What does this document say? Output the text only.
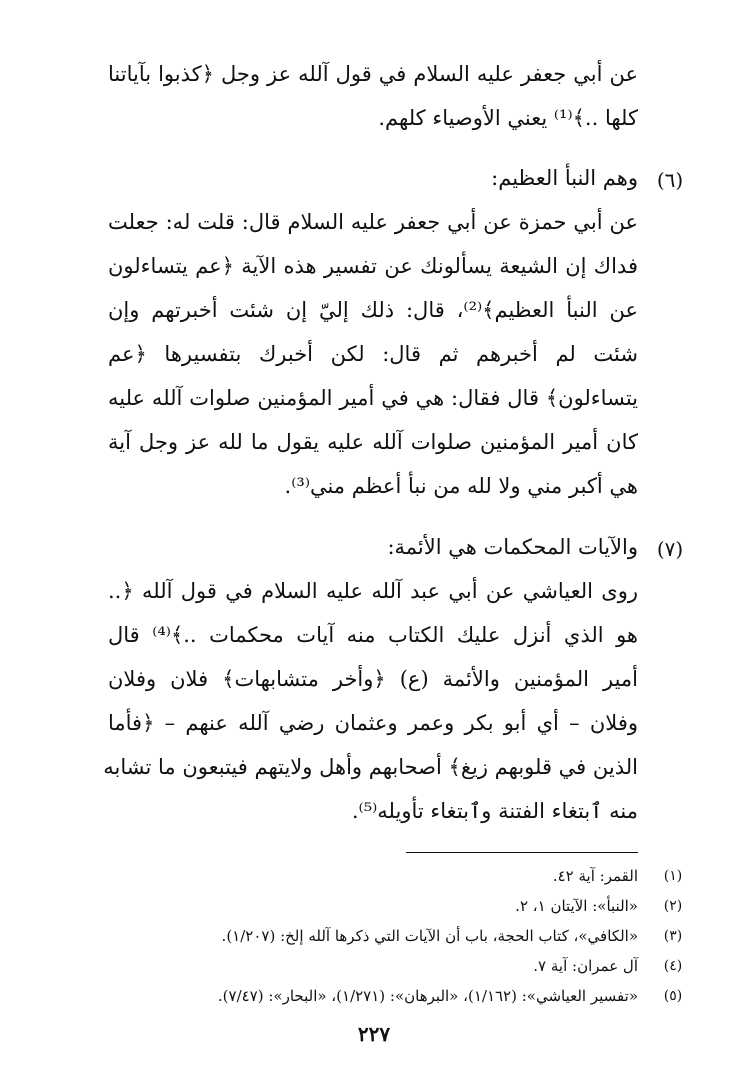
عن أبي جعفر عليه السلام في قول آلله عز وجل ﴿كذبوا بآياتنا
كلها ..﴾⁽¹⁾ يعني الأوصياء كلهم.
(٦)
وهم النبأ العظيم:
عن أبي حمزة عن أبي جعفر عليه السلام قال: قلت له: جعلت
فداك إن الشيعة يسألونك عن تفسير هذه الآية ﴿عم يتساءلون
عن النبأ العظيم﴾⁽²⁾، قال: ذلك إليّ إن شئت أخبرتهم وإن
شئت لم أخبرهم ثم قال: لكن أخبرك بتفسيرها ﴿عم
يتساءلون﴾ قال فقال: هي في أمير المؤمنين صلوات آلله عليه
كان أمير المؤمنين صلوات آلله عليه يقول ما لله عز وجل آية
هي أكبر مني ولا لله من نبأ أعظم مني⁽³⁾.
(٧)
والآيات المحكمات هي الأئمة:
روى العياشي عن أبي عبد آلله عليه السلام في قول آلله ﴿..
هو الذي أنزل عليك الكتاب منه آيات محكمات ..﴾⁽⁴⁾ قال
أمير المؤمنين والأئمة (ع) ﴿وأخر متشابهات﴾ فلان وفلان
وفلان – أي أبو بكر وعمر وعثمان رضي آلله عنهم – ﴿فأما
الذين في قلوبهم زيغ﴾ أصحابهم وأهل ولايتهم فيتبعون ما تشابه
منه ٱبتغاء الفتنة وٱبتغاء تأويله⁽⁵⁾.
(١)
القمر: آية ٤٢.
(٢)
«النبأ»: الآيتان ١، ٢.
(٣)
«الكافي»، كتاب الحجة، باب أن الآيات التي ذكرها آلله إلخ: (١/٢٠٧).
(٤)
آل عمران: آية ٧.
(٥)
«تفسير العياشي»: (١/١٦٢)، «البرهان»: (١/٢٧١)، «البحار»: (٧/٤٧).
٢٢٧
